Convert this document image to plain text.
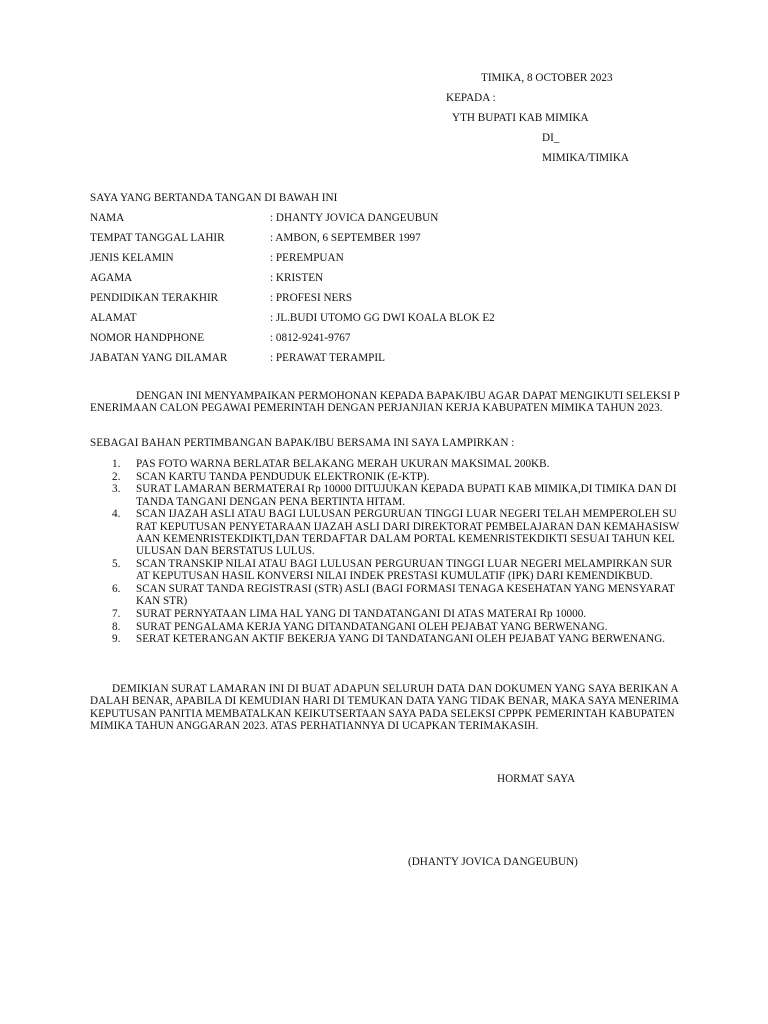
TIMIKA, 8 OCTOBER 2023
KEPADA :
YTH BUPATI KAB MIMIKA
DI_
MIMIKA/TIMIKA
SAYA YANG BERTANDA TANGAN DI BAWAH INI
NAMA	: DHANTY JOVICA DANGEUBUN
TEMPAT TANGGAL LAHIR	: AMBON, 6 SEPTEMBER 1997
JENIS KELAMIN	: PEREMPUAN
AGAMA	: KRISTEN
PENDIDIKAN TERAKHIR	: PROFESI NERS
ALAMAT	: JL.BUDI UTOMO GG DWI KOALA BLOK E2
NOMOR HANDPHONE	: 0812-9241-9767
JABATAN YANG DILAMAR	: PERAWAT TERAMPIL
DENGAN INI MENYAMPAIKAN PERMOHONAN KEPADA BAPAK/IBU AGAR DAPAT MENGIKUTI SELEKSI PENERIMAAN CALON PEGAWAI PEMERINTAH DENGAN PERJANJIAN KERJA KABUPATEN MIMIKA TAHUN 2023.
SEBAGAI BAHAN PERTIMBANGAN BAPAK/IBU BERSAMA INI SAYA LAMPIRKAN :
1. PAS FOTO WARNA BERLATAR BELAKANG MERAH UKURAN MAKSIMAL 200KB.
2. SCAN KARTU TANDA PENDUDUK ELEKTRONIK (E-KTP).
3. SURAT LAMARAN BERMATERAI Rp 10000 DITUJUKAN KEPADA BUPATI KAB MIMIKA,DI TIMIKA DAN DITANDA TANGANI DENGAN PENA BERTINTA HITAM.
4. SCAN IJAZAH ASLI ATAU BAGI LULUSAN PERGURUAN TINGGI LUAR NEGERI TELAH MEMPEROLEH SURAT KEPUTUSAN PENYETARAAN IJAZAH ASLI DARI DIREKTORAT PEMBELAJARAN DAN KEMAHASISWAAN KEMENRISTEKDIKTI,DAN TERDAFTAR DALAM PORTAL KEMENRISTEKDIKTI SESUAI TAHUN KELULUSAN DAN BERSTATUS LULUS.
5. SCAN TRANSKIP NILAI ATAU BAGI LULUSAN PERGURUAN TINGGI LUAR NEGERI MELAMPIRKAN SURAT KEPUTUSAN HASIL KONVERSI NILAI INDEK PRESTASI KUMULATIF (IPK) DARI KEMENDIKBUD.
6. SCAN SURAT TANDA REGISTRASI (STR) ASLI (BAGI FORMASI TENAGA KESEHATAN YANG MENSYARATKAN STR)
7. SURAT PERNYATAAN LIMA HAL YANG DI TANDATANGANI DI ATAS MATERAI Rp 10000.
8. SURAT PENGALAMA KERJA YANG DITANDATANGANI OLEH PEJABAT YANG BERWENANG.
9. SERAT KETERANGAN AKTIF BEKERJA YANG DI TANDATANGANI OLEH PEJABAT YANG BERWENANG.
DEMIKIAN SURAT LAMARAN INI DI BUAT ADAPUN SELURUH DATA DAN DOKUMEN YANG SAYA BERIKAN ADALAH BENAR, APABILA DI KEMUDIAN HARI DI TEMUKAN DATA YANG TIDAK BENAR, MAKA SAYA MENERIMA KEPUTUSAN PANITIA MEMBATALKAN KEIKUTSERTAAN SAYA PADA SELEKSI CPPPK PEMERINTAH KABUPATEN MIMIKA TAHUN ANGGARAN 2023. ATAS PERHATIANNYA DI UCAPKAN TERIMAKASIH.
HORMAT SAYA
(DHANTY JOVICA DANGEUBUN)
